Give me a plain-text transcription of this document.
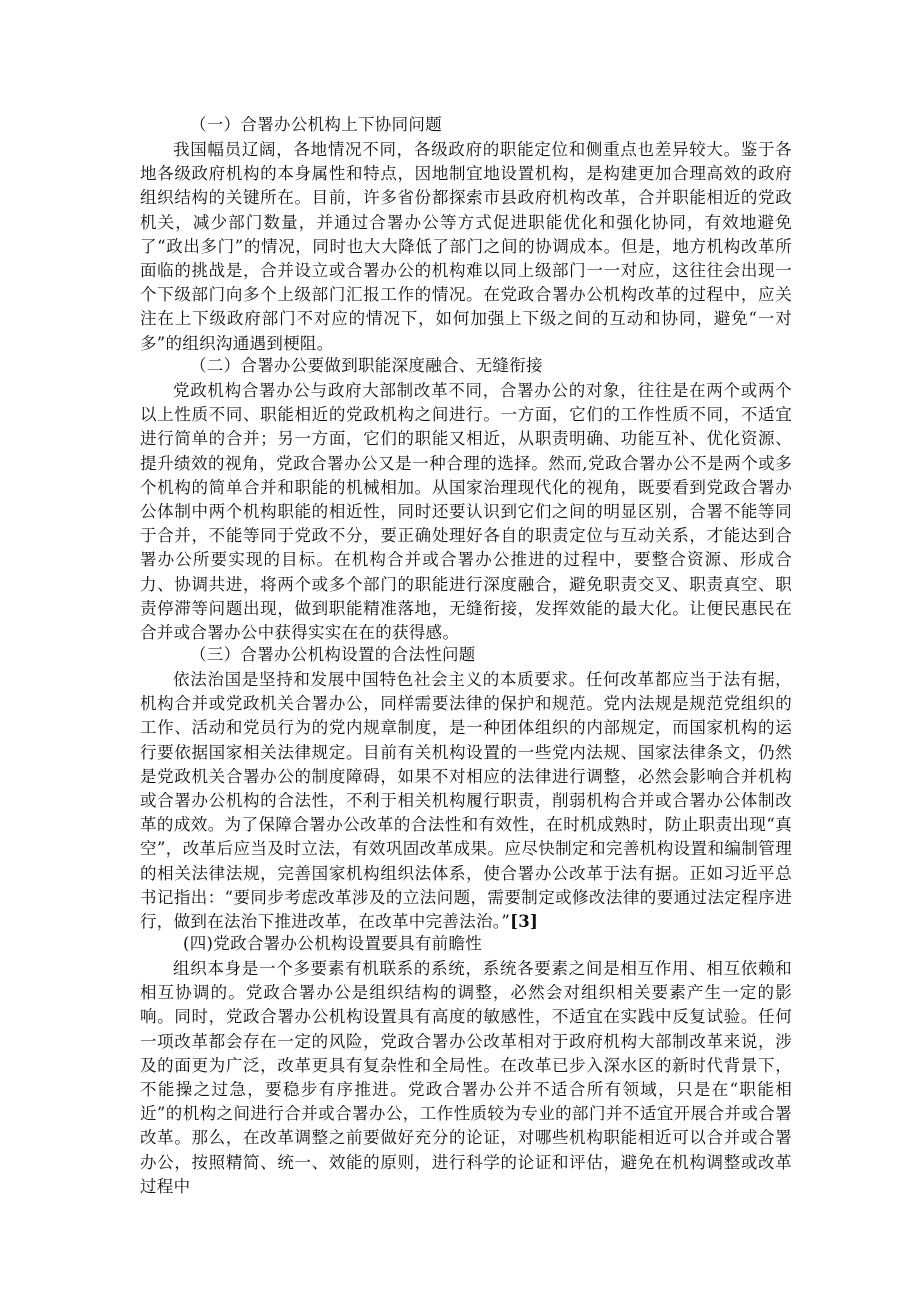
（一）合署办公机构上下协同问题
我国幅员辽阔，各地情况不同，各级政府的职能定位和侧重点也差异较大。鉴于各地各级政府机构的本身属性和特点，因地制宜地设置机构，是构建更加合理高效的政府组织结构的关键所在。目前，许多省份都探索市县政府机构改革，合并职能相近的党政机关，减少部门数量，并通过合署办公等方式促进职能优化和强化协同，有效地避免了“政出多门”的情况，同时也大大降低了部门之间的协调成本。但是，地方机构改革所面临的挑战是，合并设立或合署办公的机构难以同上级部门一一对应，这往往会出现一个下级部门向多个上级部门汇报工作的情况。在党政合署办公机构改革的过程中，应关注在上下级政府部门不对应的情况下，如何加强上下级之间的互动和协同，避免“一对多”的组织沟通遇到梗阻。
（二）合署办公要做到职能深度融合、无缝衔接
党政机构合署办公与政府大部制改革不同，合署办公的对象，往往是在两个或两个以上性质不同、职能相近的党政机构之间进行。一方面，它们的工作性质不同，不适宜进行简单的合并；另一方面，它们的职能又相近，从职责明确、功能互补、优化资源、提升绩效的视角，党政合署办公又是一种合理的选择。然而,党政合署办公不是两个或多个机构的简单合并和职能的机械相加。从国家治理现代化的视角，既要看到党政合署办公体制中两个机构职能的相近性，同时还要认识到它们之间的明显区别，合署不能等同于合并，不能等同于党政不分，要正确处理好各自的职责定位与互动关系，才能达到合署办公所要实现的目标。在机构合并或合署办公推进的过程中，要整合资源、形成合力、协调共进，将两个或多个部门的职能进行深度融合，避免职责交叉、职责真空、职责停滞等问题出现，做到职能精准落地，无缝衔接，发挥效能的最大化。让便民惠民在合并或合署办公中获得实实在在的获得感。
（三）合署办公机构设置的合法性问题
依法治国是坚持和发展中国特色社会主义的本质要求。任何改革都应当于法有据，机构合并或党政机关合署办公，同样需要法律的保护和规范。党内法规是规范党组织的工作、活动和党员行为的党内规章制度，是一种团体组织的内部规定，而国家机构的运行要依据国家相关法律规定。目前有关机构设置的一些党内法规、国家法律条文，仍然是党政机关合署办公的制度障碍，如果不对相应的法律进行调整，必然会影响合并机构或合署办公机构的合法性，不利于相关机构履行职责，削弱机构合并或合署办公体制改革的成效。为了保障合署办公改革的合法性和有效性，在时机成熟时，防止职责出现“真空”，改革后应当及时立法，有效巩固改革成果。应尽快制定和完善机构设置和编制管理的相关法律法规，完善国家机构组织法体系，使合署办公改革于法有据。正如习近平总书记指出：“要同步考虑改革涉及的立法问题，需要制定或修改法律的要通过法定程序进行，做到在法治下推进改革，在改革中完善法治。”[3]
(四)党政合署办公机构设置要具有前瞻性
组织本身是一个多要素有机联系的系统，系统各要素之间是相互作用、相互依赖和相互协调的。党政合署办公是组织结构的调整，必然会对组织相关要素产生一定的影响。同时，党政合署办公机构设置具有高度的敏感性，不适宜在实践中反复试验。任何一项改革都会存在一定的风险，党政合署办公改革相对于政府机构大部制改革来说，涉及的面更为广泛，改革更具有复杂性和全局性。在改革已步入深水区的新时代背景下，不能操之过急，要稳步有序推进。党政合署办公并不适合所有领域，只是在“职能相近”的机构之间进行合并或合署办公，工作性质较为专业的部门并不适宜开展合并或合署改革。那么，在改革调整之前要做好充分的论证，对哪些机构职能相近可以合并或合署办公，按照精简、统一、效能的原则，进行科学的论证和评估，避免在机构调整或改革过程中
